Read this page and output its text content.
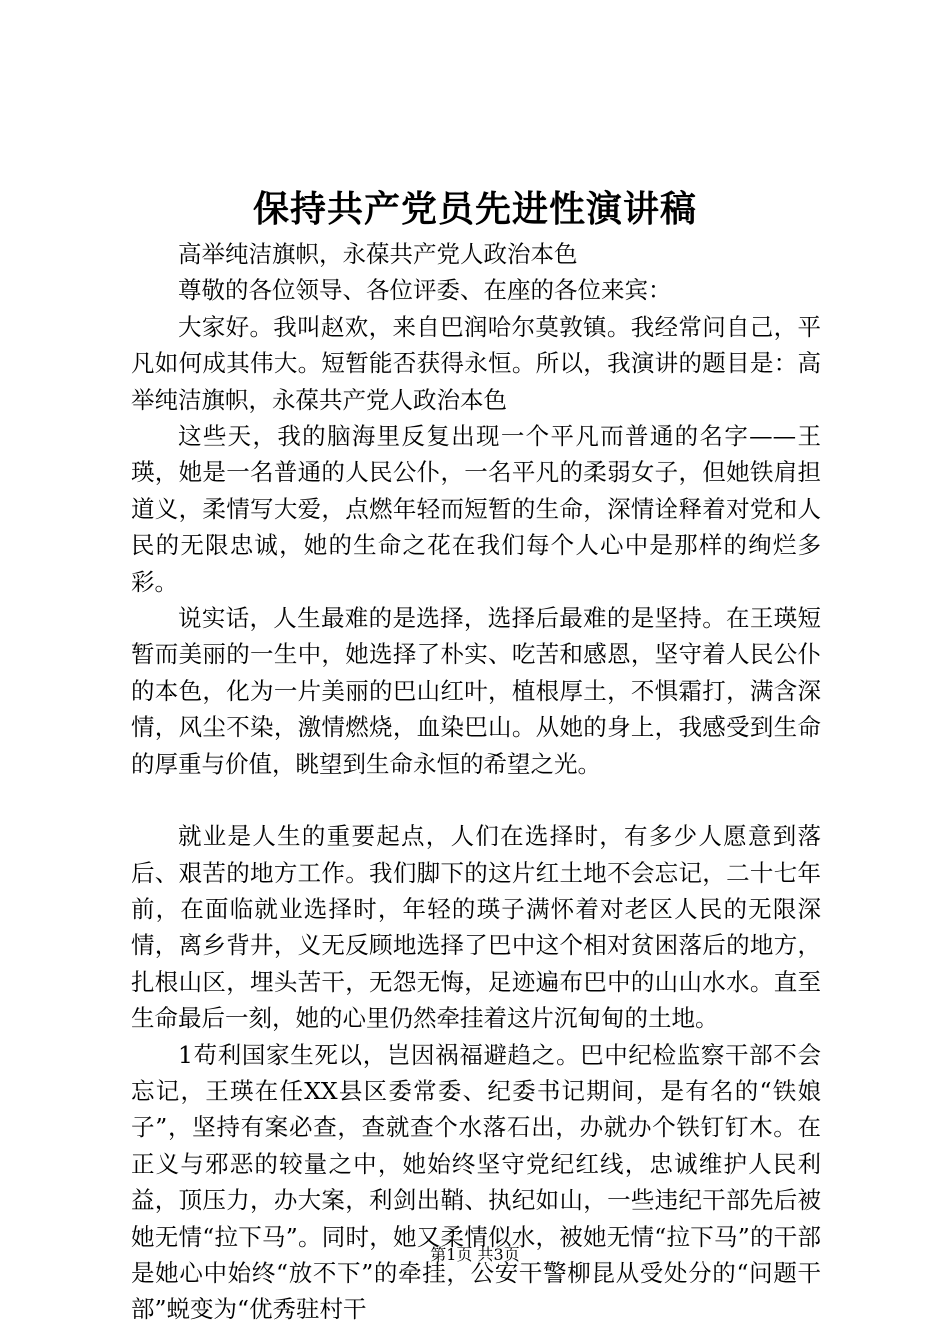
保持共产党员先进性演讲稿

高举纯洁旗帜，永葆共产党人政治本色

尊敬的各位领导、各位评委、在座的各位来宾：

大家好。我叫赵欢，来自巴润哈尔莫敦镇。我经常问自己，平凡如何成其伟大。短暂能否获得永恒。所以，我演讲的题目是：高举纯洁旗帜，永葆共产党人政治本色

这些天，我的脑海里反复出现一个平凡而普通的名字——王瑛，她是一名普通的人民公仆，一名平凡的柔弱女子，但她铁肩担道义，柔情写大爱，点燃年轻而短暂的生命，深情诠释着对党和人民的无限忠诚，她的生命之花在我们每个人心中是那样的绚烂多彩。

说实话，人生最难的是选择，选择后最难的是坚持。在王瑛短暂而美丽的一生中，她选择了朴实、吃苦和感恩，坚守着人民公仆的本色，化为一片美丽的巴山红叶，植根厚土，不惧霜打，满含深情，风尘不染，激情燃烧，血染巴山。从她的身上，我感受到生命的厚重与价值，眺望到生命永恒的希望之光。

就业是人生的重要起点，人们在选择时，有多少人愿意到落后、艰苦的地方工作。我们脚下的这片红土地不会忘记，二十七年前，在面临就业选择时，年轻的瑛子满怀着对老区人民的无限深情，离乡背井，义无反顾地选择了巴中这个相对贫困落后的地方，扎根山区，埋头苦干，无怨无悔，足迹遍布巴中的山山水水。直至生命最后一刻，她的心里仍然牵挂着这片沉甸甸的土地。

1苟利国家生死以，岂因祸福避趋之。巴中纪检监察干部不会忘记，王瑛在任XX县区委常委、纪委书记期间，是有名的“铁娘子”，坚持有案必查，查就查个水落石出，办就办个铁钉钉木。在正义与邪恶的较量之中，她始终坚守党纪红线，忠诚维护人民利益，顶压力，办大案，利剑出鞘、执纪如山，一些违纪干部先后被她无情“拉下马”。同时，她又柔情似水，被她无情“拉下马”的干部是她心中始终“放不下”的牵挂，公安干警柳昆从受处分的“问题干部”蜕变为“优秀驻村干

第1页 共3页
